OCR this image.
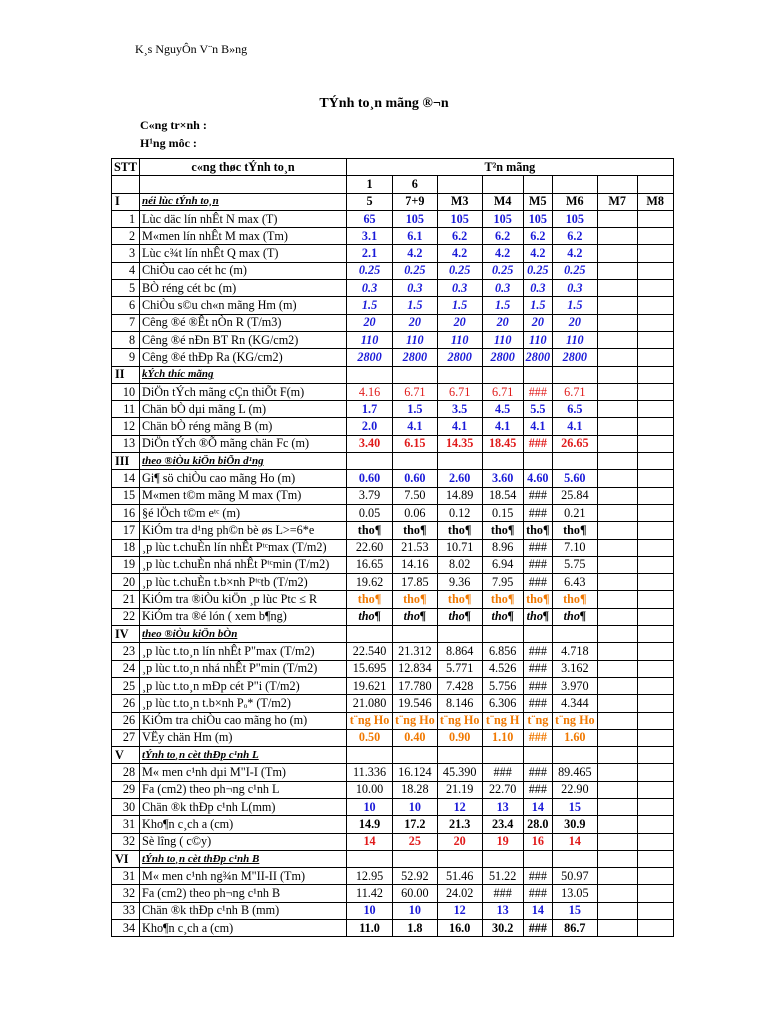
K¸s NguyÔn V¨n B»ng
TÝnh to¸n mãng ®¬n
C«ng tr×nh :
H¹ng môc :
STT	c«ng thøc tÝnh to¸n	T²n mãng							
		1	6						
I	néi lùc tÝnh to¸n	5	7+9	M3	M4	M5	M6	M7	M8
1	Lùc däc lín nhÊt N max (T)	65	105	105	105	105	105		
2	M«men lín nhÊt M max (Tm)	3.1	6.1	6.2	6.2	6.2	6.2		
3	Lùc c¾t lín nhÊt Q max (T)	2.1	4.2	4.2	4.2	4.2	4.2		
4	ChiÒu cao cét hc (m)	0.25	0.25	0.25	0.25	0.25	0.25		
5	BÒ réng cét bc (m)	0.3	0.3	0.3	0.3	0.3	0.3		
6	ChiÒu s©u ch«n mãng Hm (m)	1.5	1.5	1.5	1.5	1.5	1.5		
7	Cêng ®é ®Êt nÒn R (T/m3)	20	20	20	20	20	20		
8	Cêng ®é nÐn BT Rn (KG/cm2)	110	110	110	110	110	110		
9	Cêng ®é thÐp Ra (KG/cm2)	2800	2800	2800	2800	2800	2800		
II	kÝch thíc mãng								
10	DiÖn tÝch mãng cÇn thiÕt F(m)	4.16	6.71	6.71	6.71	###	6.71		
11	Chän bÒ dµi mãng L (m)	1.7	1.5	3.5	4.5	5.5	6.5		
12	Chän bÒ réng mãng B (m)	2.0	4.1	4.1	4.1	4.1	4.1		
13	DiÖn tÝch ®Õ mãng chän Fc (m)	3.40	6.15	14.35	18.45	###	26.65		
III	theo ®iÒu kiÖn biÕn d¹ng								
14	Gi¶ sö chiÒu cao mãng Ho (m)	0.60	0.60	2.60	3.60	4.60	5.60		
15	M«men t©m mãng M max (Tm)	3.79	7.50	14.89	18.54	###	25.84		
16	§é lÖch t©m eᵗᶜ (m)	0.05	0.06	0.12	0.15	###	0.21		
17	KiÓm tra d¹ng ph©n bè øs L>=6*e	tho¶	tho¶	tho¶	tho¶	tho¶	tho¶		
18	¸p lùc t.chuÈn lín nhÊt Pᵗᶜmax (T/m2)	22.60	21.53	10.71	8.96	###	7.10		
19	¸p lùc t.chuÈn nhá nhÊt Pᵗᶜmin (T/m2)	16.65	14.16	8.02	6.94	###	5.75		
20	¸p lùc t.chuÈn t.b×nh Pᵗᶜtb (T/m2)	19.62	17.85	9.36	7.95	###	6.43		
21	KiÓm tra ®iÒu kiÖn ¸p lùc Ptc ≤ R	tho¶	tho¶	tho¶	tho¶	tho¶	tho¶		
22	KiÓm tra ®é lón ( xem b¶ng)	tho¶	tho¶	tho¶	tho¶	tho¶	tho¶		
IV	theo ®iÒu kiÖn bÒn								
23	¸p lùc t.to¸n lín nhÊt P"max (T/m2)	22.540	21.312	8.864	6.856	###	4.718		
24	¸p lùc t.to¸n nhá nhÊt P"min (T/m2)	15.695	12.834	5.771	4.526	###	3.162		
25	¸p lùc t.to¸n mÐp cét P"i (T/m2)	19.621	17.780	7.428	5.756	###	3.970		
26	¸p lùc t.to¸n t.b×nh Pₒ* (T/m2)	21.080	19.546	8.146	6.306	###	4.344		
26	KiÓm tra chiÒu cao mãng ho (m)	t¨ng Ho	t¨ng Ho	t¨ng Ho	t¨ng H	t¨ng	t¨ng Ho		
27	VËy chän Hm (m)	0.50	0.40	0.90	1.10	###	1.60		
V	tÝnh to¸n cèt thÐp c¹nh L								
28	M« men c¹nh dµi M"I-I (Tm)	11.336	16.124	45.390	###	###	89.465		
29	Fa (cm2) theo ph¬ng c¹nh L	10.00	18.28	21.19	22.70	###	22.90		
30	Chän ®k thÐp c¹nh L(mm)	10	10	12	13	14	15		
31	Kho¶n c¸ch a (cm)	14.9	17.2	21.3	23.4	28.0	30.9		
32	Sè lîng ( c©y)	14	25	20	19	16	14		
VI	tÝnh to¸n cèt thÐp c¹nh B								
31	M« men c¹nh ng¾n M"II-II (Tm)	12.95	52.92	51.46	51.22	###	50.97		
32	Fa (cm2) theo ph¬ng c¹nh B	11.42	60.00	24.02	###	###	13.05		
33	Chän ®k thÐp c¹nh B (mm)	10	10	12	13	14	15		
34	Kho¶n c¸ch a (cm)	11.0	1.8	16.0	30.2	###	86.7		
